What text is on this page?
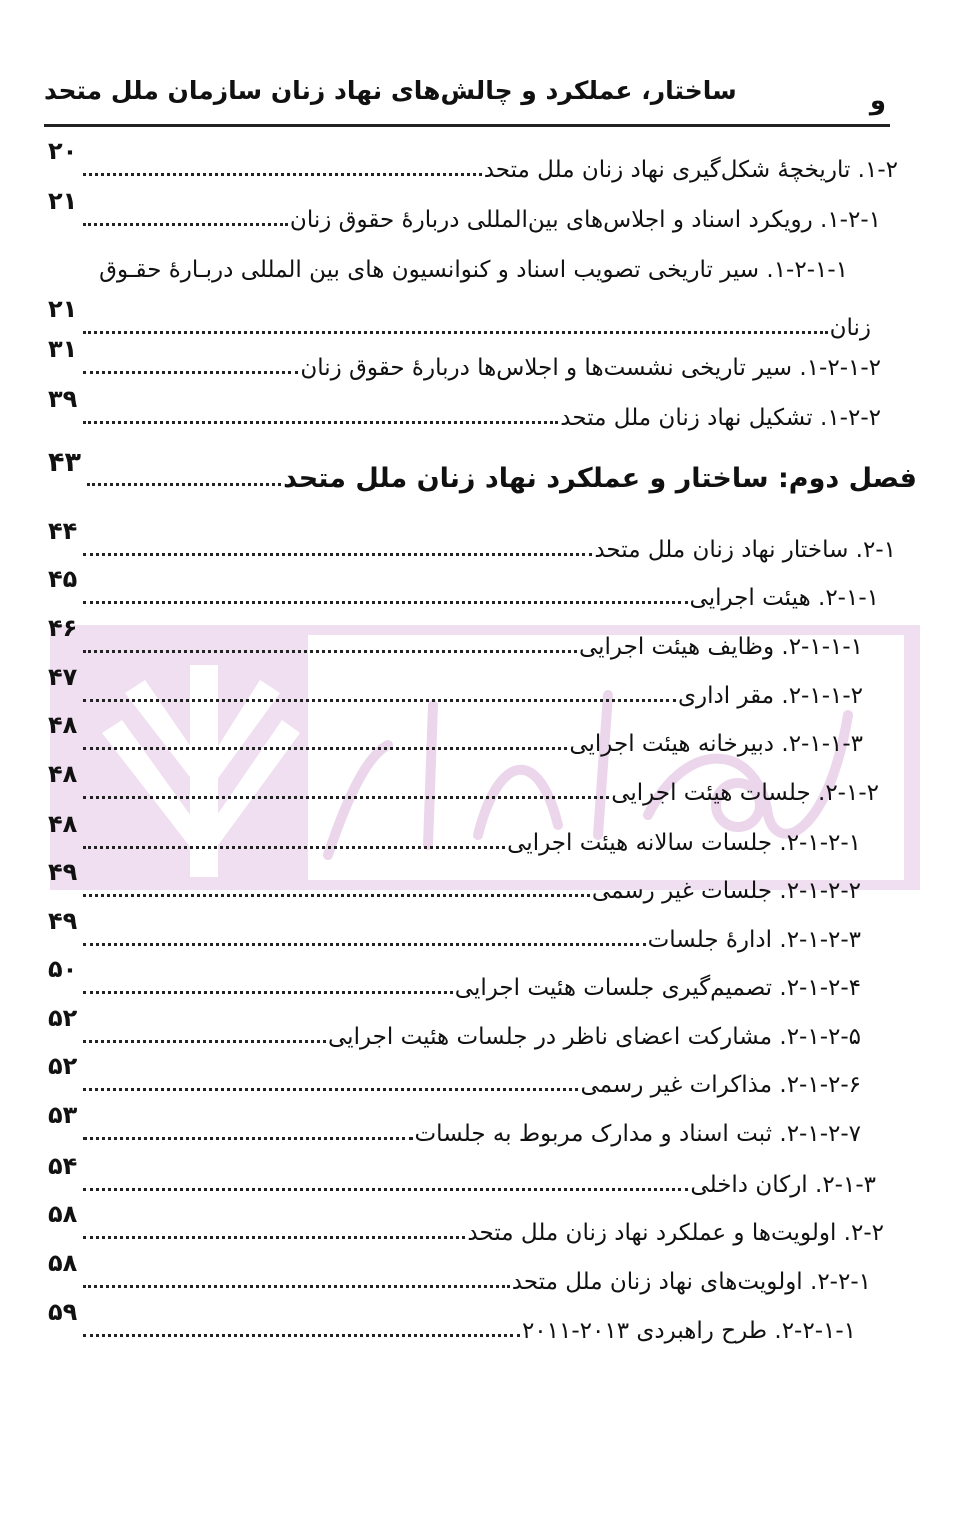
و
ساختار، عملکرد و چالش‌های نهاد زنان سازمان ملل متحد
۱-۲. تاریخچۀ شکل‌گیری نهاد زنان ملل متحد
۲۰
۱-۲-۱. رویکرد اسناد و اجلاس‌های بین‌المللی دربارۀ حقوق زنان
۲۱
۱-۲-۱-۱. سیر تاریخی تصویب اسناد و کنوانسیون های بین المللی دربـارۀ حقـوق
زنان
۲۱
۱-۲-۱-۲. سیر تاریخی نشست‌ها و اجلاس‌ها دربارۀ حقوق زنان
۳۱
۱-۲-۲. تشکیل نهاد زنان ملل متحد
۳۹
فصل دوم: ساختار و عملکرد نهاد زنان ملل متحد
۴۳
۲-۱. ساختار نهاد زنان ملل متحد
۴۴
۲-۱-۱. هیئت اجرایی
۴۵
۲-۱-۱-۱. وظایف هیئت اجرایی
۴۶
۲-۱-۱-۲. مقر اداری
۴۷
۲-۱-۱-۳. دبیرخانه هیئت اجرایی
۴۸
۲-۱-۲. جلسات هیئت اجرایی
۴۸
۲-۱-۲-۱. جلسات سالانه هیئت اجرایی
۴۸
۲-۱-۲-۲. جلسات غیر رسمی
۴۹
۲-۱-۲-۳. ادارۀ جلسات
۴۹
۲-۱-۲-۴. تصمیم‌گیری جلسات هئیت اجرایی
۵۰
۲-۱-۲-۵. مشارکت اعضای ناظر در جلسات هئیت اجرایی
۵۲
۲-۱-۲-۶. مذاکرات غیر رسمی
۵۲
۲-۱-۲-۷. ثبت اسناد و مدارک مربوط به جلسات
۵۳
۲-۱-۳. ارکان داخلی
۵۴
۲-۲. اولویت‌ها و عملکرد نهاد زنان ملل متحد
۵۸
۲-۲-۱. اولویت‌های نهاد زنان ملل متحد
۵۸
۲-۲-۱-۱. طرح راهبردی ۲۰۱۳-۲۰۱۱
۵۹
